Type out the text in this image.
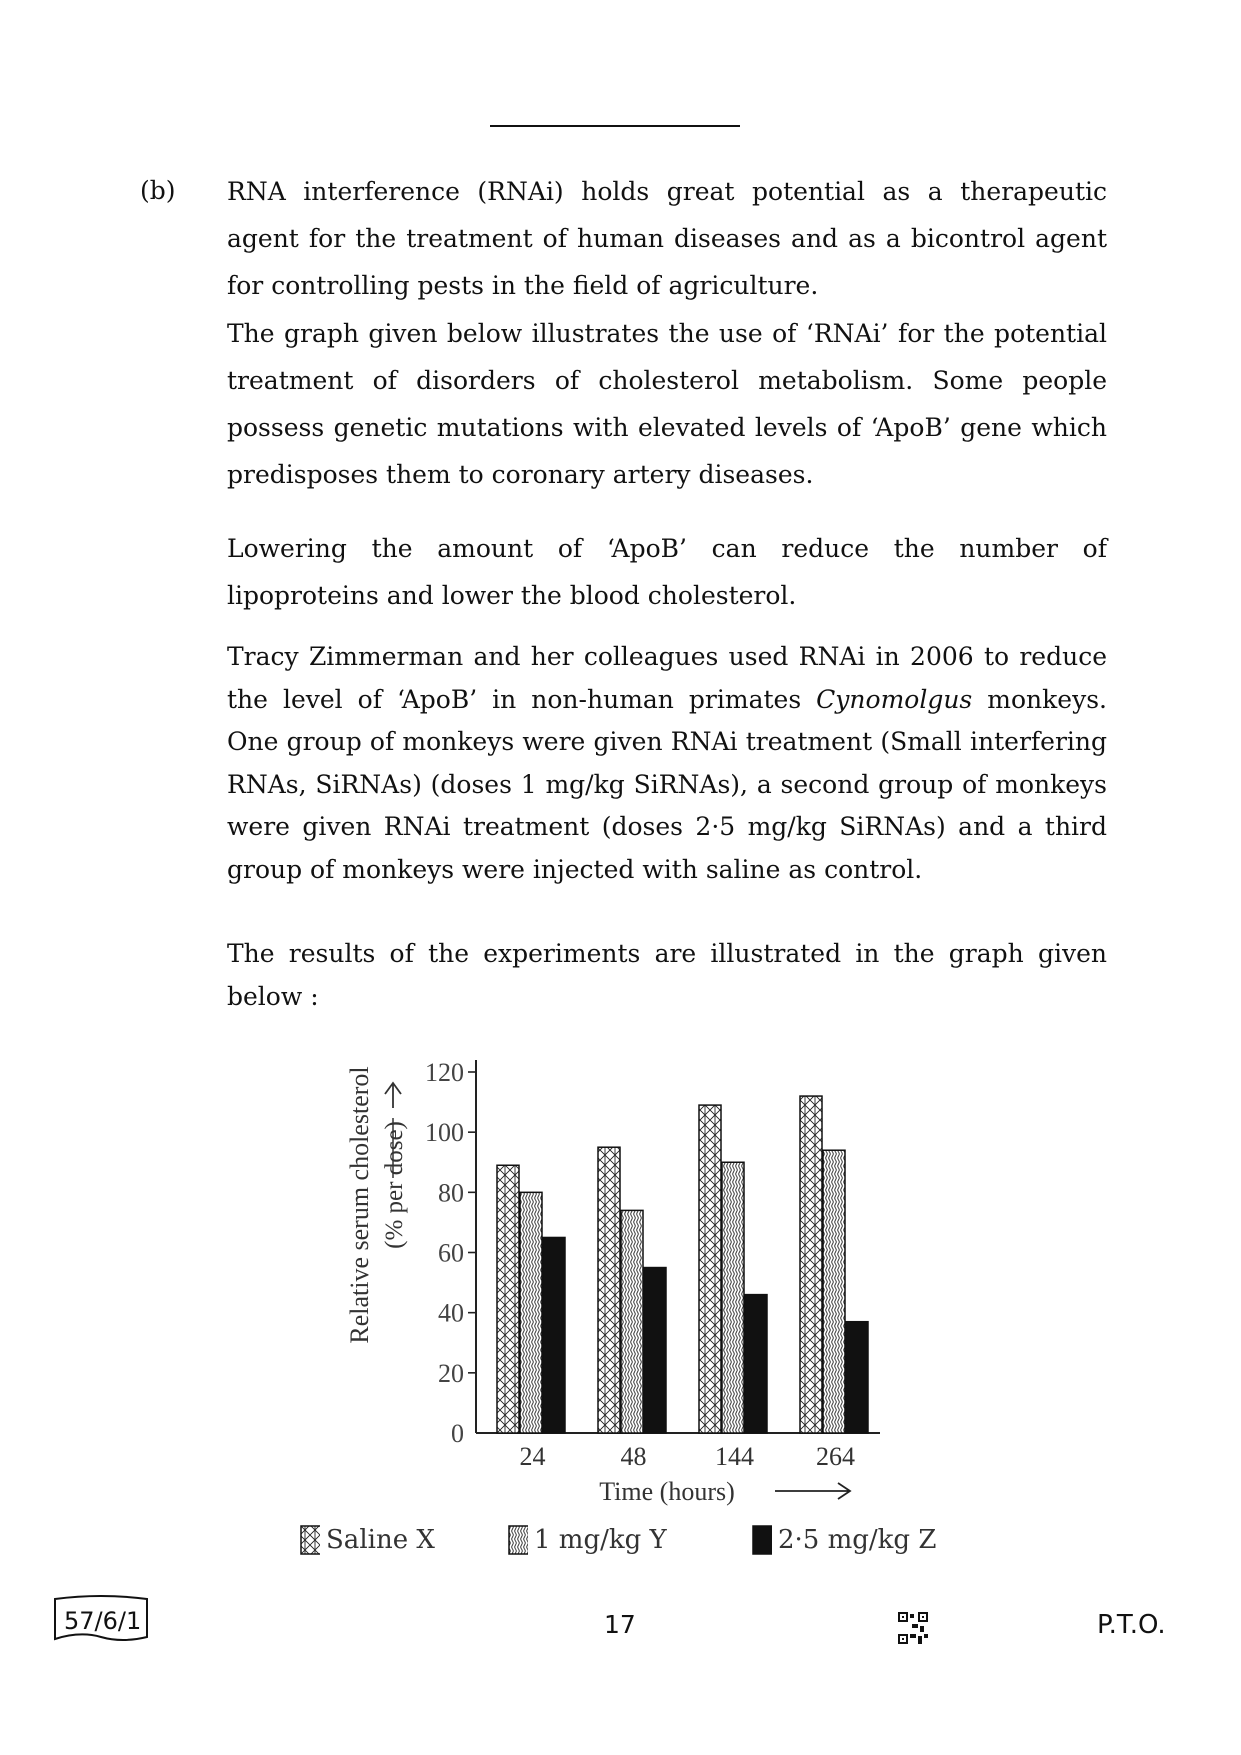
(b) RNA interference (RNAi) holds great potential as a therapeutic agent for the treatment of human diseases and as a bicontrol agent for controlling pests in the field of agriculture.
The graph given below illustrates the use of ‘RNAi’ for the potential treatment of disorders of cholesterol metabolism. Some people possess genetic mutations with elevated levels of ‘ApoB’ gene which predisposes them to coronary artery diseases.
Lowering the amount of ‘ApoB’ can reduce the number of lipoproteins and lower the blood cholesterol.
Tracy Zimmerman and her colleagues used RNAi in 2006 to reduce the level of ‘ApoB’ in non-human primates Cynomolgus monkeys. One group of monkeys were given RNAi treatment (Small interfering RNAs, SiRNAs) (doses 1 mg/kg SiRNAs), a second group of monkeys were given RNAi treatment (doses 2·5 mg/kg SiRNAs) and a third group of monkeys were injected with saline as control.
The results of the experiments are illustrated in the graph given below :
Relative serum cholesterol (% per dose)
0
20
40
60
80
100
120
24	48	144 264
Time (hours)
Saline X	1 mg/kg Y	2·5 mg/kg Z
57/6/1	17	P.T.O.
